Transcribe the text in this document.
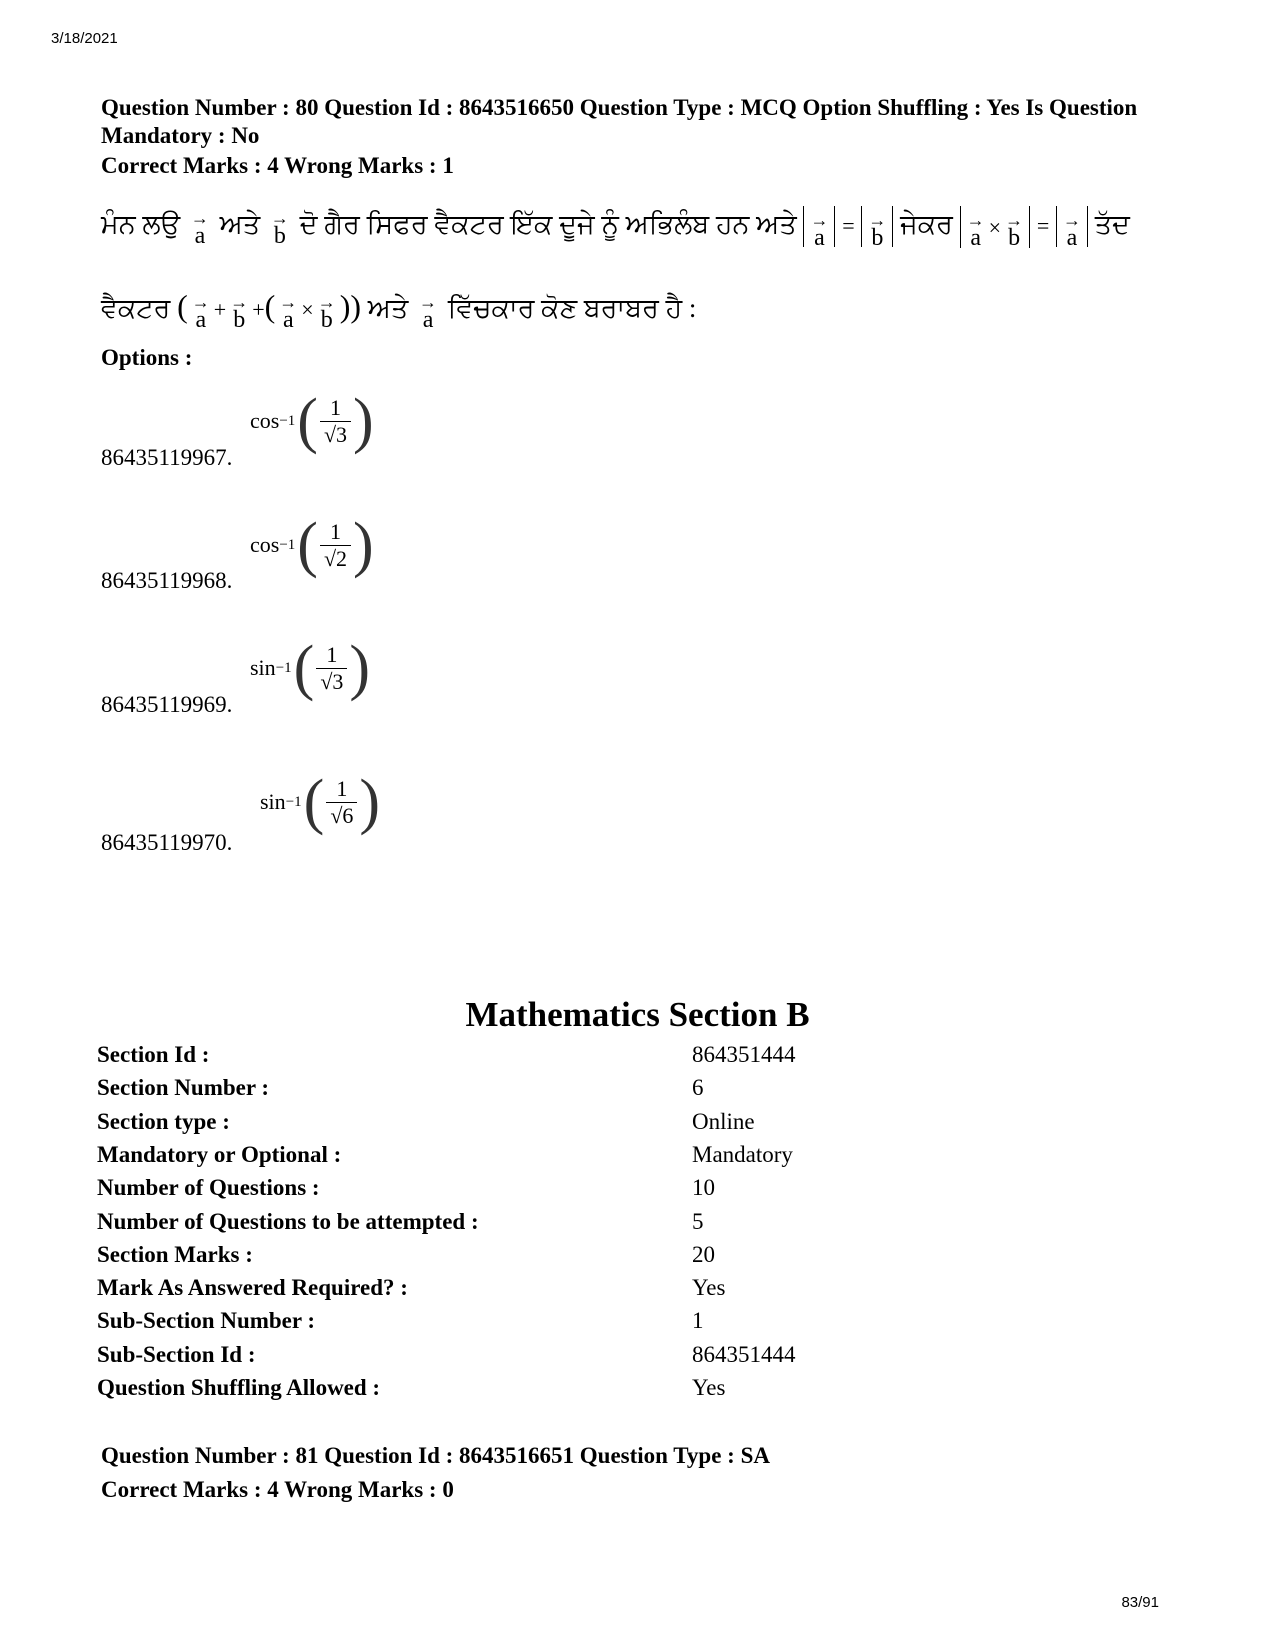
3/18/2021
Question Number : 80 Question Id : 8643516650 Question Type : MCQ Option Shuffling : Yes Is Question Mandatory : No
Correct Marks : 4 Wrong Marks : 1
ਮੰਨ ਲਉ →
a ਅਤੇ →
b ਦੋ ਗੈਰ ਸਿਫਰ ਵੈਕਟਰ ਇੱਕ ਦੂਜੇ ਨੂੰ ਅਭਿਲੰਬ ਹਨ ਅਤੇ →
a = →
b ਜੇਕਰ →
a × →
b = →
a ਤੱਦ
ਵੈਕਟਰ ( →
a + →
b +( →
a × →
b )) ਅਤੇ →
a ਵਿੱਚਕਾਰ ਕੋਣ ਬਰਾਬਰ ਹੈ :
Options :
86435119967.
cos −1 ( $\frac{1}{√3}$ )
86435119968.
cos −1 ( $\frac{1}{√2}$ )
86435119969.
sin −1 ( $\frac{1}{√3}$ )
86435119970.
sin −1 ( $\frac{1}{√6}$ )
Mathematics Section B
Section Id :	864351444
Section Number :	6
Section type :	Online
Mandatory or Optional :	Mandatory
Number of Questions :	10
Number of Questions to be attempted :	5
Section Marks :	20
Mark As Answered Required? :	Yes
Sub-Section Number :	1
Sub-Section Id :	864351444
Question Shuffling Allowed :	Yes
Question Number : 81 Question Id : 8643516651 Question Type : SA
Correct Marks : 4 Wrong Marks : 0
83/91
